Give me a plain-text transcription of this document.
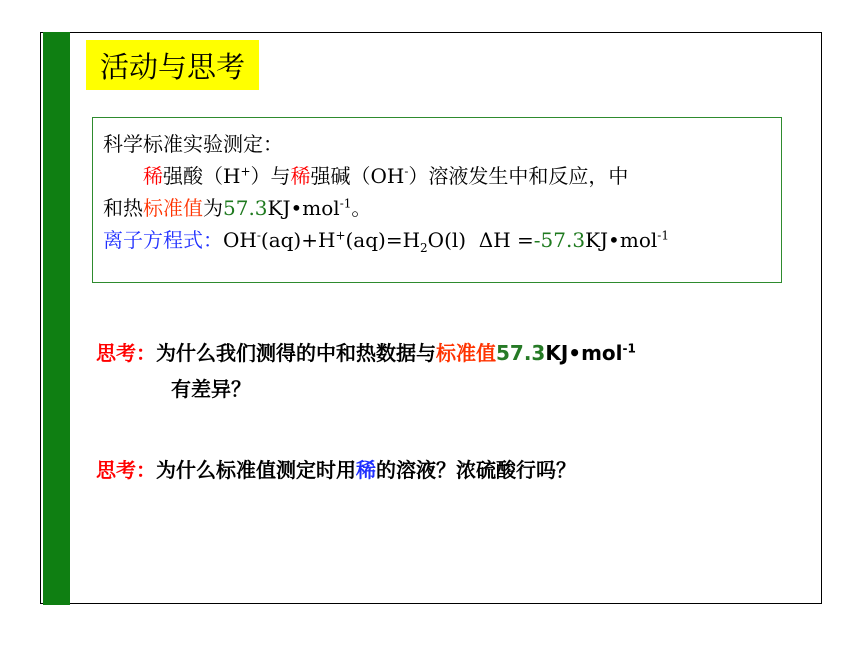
活动与思考

科学标准实验测定：

稀强酸（H+）与稀强碱（OH-）溶液发生中和反应，中

和热标准值为57.3KJ•mol$^{-1}$。

离子方程式：$OH^-(aq)+H^+(aq)=H_2O(l)$  ΔH =-57.3KJ•mol$^{-1}$

思考：为什么我们测得的中和热数据与标准值57.3KJ•mol$^{-1}$
有差异？
思考：为什么标准值测定时用稀的溶液？浓硫酸行吗？
